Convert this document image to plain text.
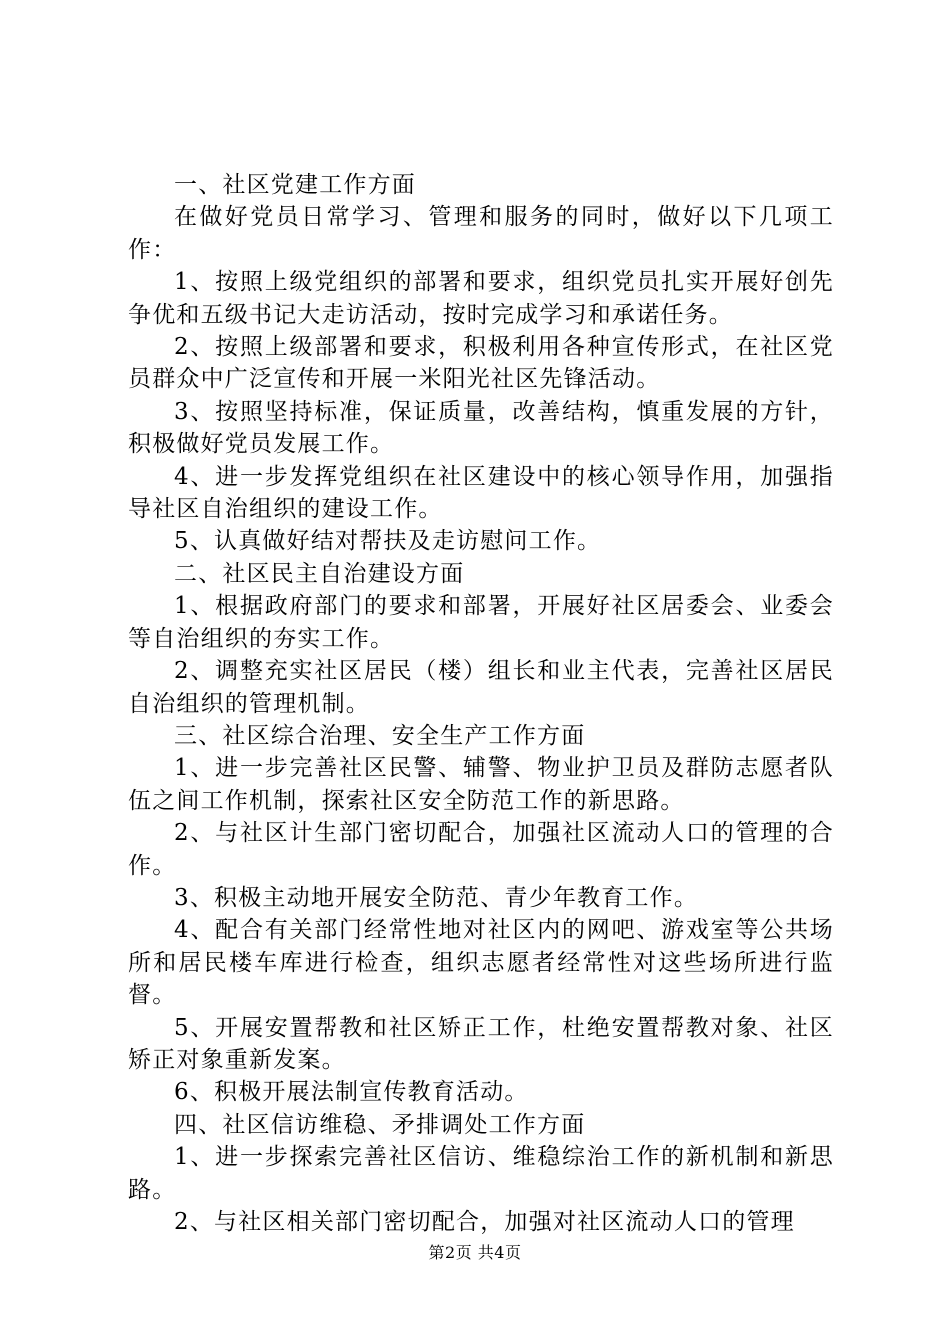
一、社区党建工作方面

在做好党员日常学习、管理和服务的同时，做好以下几项工作：

1、按照上级党组织的部署和要求，组织党员扎实开展好创先争优和五级书记大走访活动，按时完成学习和承诺任务。

2、按照上级部署和要求，积极利用各种宣传形式，在社区党员群众中广泛宣传和开展一米阳光社区先锋活动。

3、按照坚持标准，保证质量，改善结构，慎重发展的方针，积极做好党员发展工作。

4、进一步发挥党组织在社区建设中的核心领导作用，加强指导社区自治组织的建设工作。

5、认真做好结对帮扶及走访慰问工作。

二、社区民主自治建设方面

1、根据政府部门的要求和部署，开展好社区居委会、业委会等自治组织的夯实工作。

2、调整充实社区居民（楼）组长和业主代表，完善社区居民自治组织的管理机制。

三、社区综合治理、安全生产工作方面

1、进一步完善社区民警、辅警、物业护卫员及群防志愿者队伍之间工作机制，探索社区安全防范工作的新思路。

2、与社区计生部门密切配合，加强社区流动人口的管理的合作。

3、积极主动地开展安全防范、青少年教育工作。

4、配合有关部门经常性地对社区内的网吧、游戏室等公共场所和居民楼车库进行检查，组织志愿者经常性对这些场所进行监督。

5、开展安置帮教和社区矫正工作，杜绝安置帮教对象、社区矫正对象重新发案。

6、积极开展法制宣传教育活动。

四、社区信访维稳、矛排调处工作方面

1、进一步探索完善社区信访、维稳综治工作的新机制和新思路。

2、与社区相关部门密切配合，加强对社区流动人口的管理

第2页 共4页
